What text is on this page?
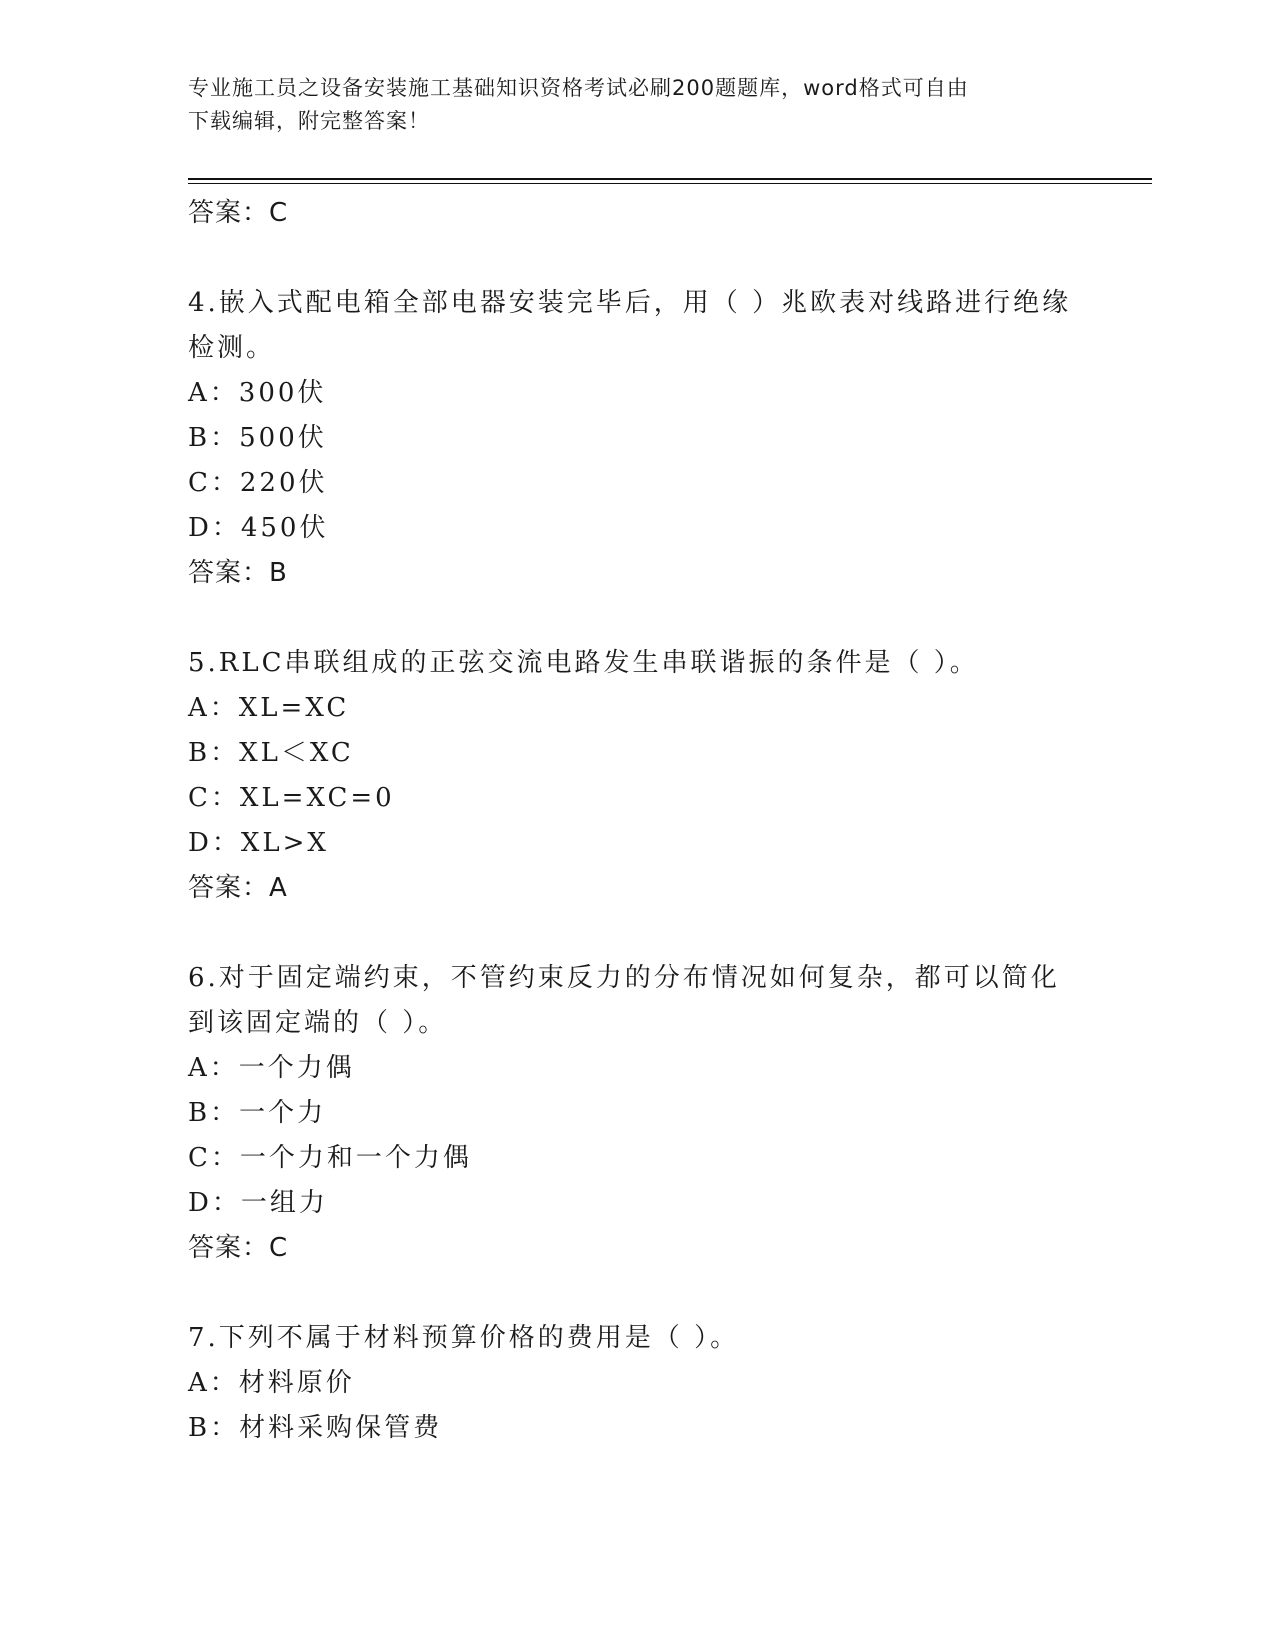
专业施工员之设备安装施工基础知识资格考试必刷200题题库，word格式可自由

下载编辑，附完整答案！

答案：C
4.嵌入式配电箱全部电器安装完毕后，用（ ）兆欧表对线路进行绝缘
检测。
A：300伏
B：500伏
C：220伏
D：450伏
答案：B
5.RLC串联组成的正弦交流电路发生串联谐振的条件是（ ）。
A：XL=XC
B：XL＜XC
C：XL=XC=0
D：XL>X
答案：A
6.对于固定端约束，不管约束反力的分布情况如何复杂，都可以简化
到该固定端的（ ）。
A：一个力偶
B：一个力
C：一个力和一个力偶
D：一组力
答案：C
7.下列不属于材料预算价格的费用是（ ）。
A：材料原价
B：材料采购保管费
